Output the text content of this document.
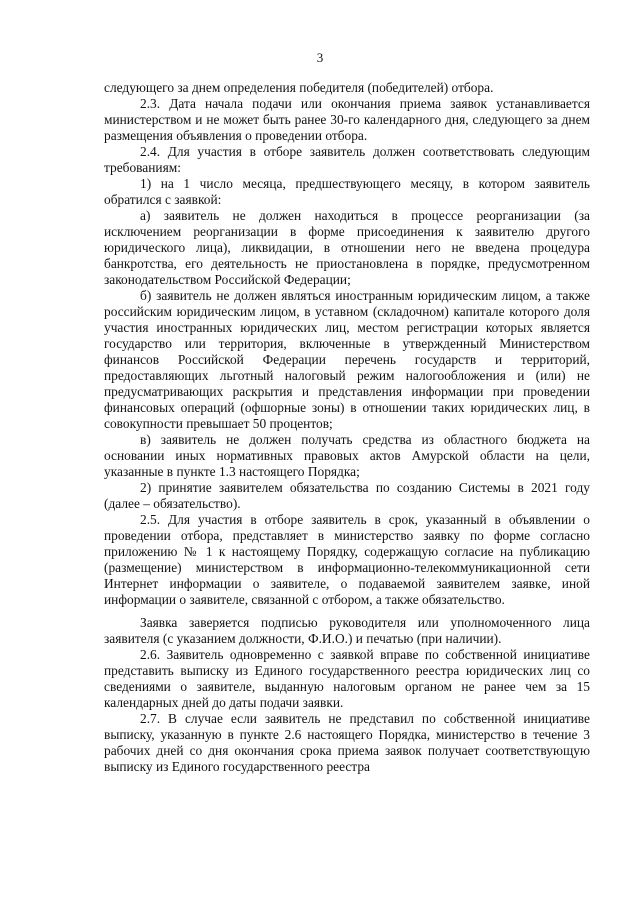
3

следующего за днем определения победителя (победителей) отбора.

2.3. Дата начала подачи или окончания приема заявок устанавливается министерством и не может быть ранее 30-го календарного дня, следующего за днем размещения объявления о проведении отбора.

2.4. Для участия в отборе заявитель должен соответствовать следующим требованиям:

1) на 1 число месяца, предшествующего месяцу, в котором заявитель обратился с заявкой:

а) заявитель не должен находиться в процессе реорганизации (за исключением реорганизации в форме присоединения к заявителю другого юридического лица), ликвидации, в отношении него не введена процедура банкротства, его деятельность не приостановлена в порядке, предусмотренном законодательством Российской Федерации;

б) заявитель не должен являться иностранным юридическим лицом, а также российским юридическим лицом, в уставном (складочном) капитале которого доля участия иностранных юридических лиц, местом регистрации которых является государство или территория, включенные в утвержденный Министерством финансов Российской Федерации перечень государств и территорий, предоставляющих льготный налоговый режим налогообложения и (или) не предусматривающих раскрытия и представления информации при проведении финансовых операций (офшорные зоны) в отношении таких юридических лиц, в совокупности превышает 50 процентов;

в) заявитель не должен получать средства из областного бюджета на основании иных нормативных правовых актов Амурской области на цели, указанные в пункте 1.3 настоящего Порядка;

2) принятие заявителем обязательства по созданию Системы в 2021 году (далее – обязательство).

2.5. Для участия в отборе заявитель в срок, указанный в объявлении о проведении отбора, представляет в министерство заявку по форме согласно приложению № 1 к настоящему Порядку, содержащую согласие на публикацию (размещение) министерством в информационно-телекоммуникационной сети Интернет информации о заявителе, о подаваемой заявителем заявке, иной информации о заявителе, связанной с отбором, а также обязательство.

Заявка заверяется подписью руководителя или уполномоченного лица заявителя (с указанием должности, Ф.И.О.) и печатью (при наличии).

2.6. Заявитель одновременно с заявкой вправе по собственной инициативе представить выписку из Единого государственного реестра юридических лиц со сведениями о заявителе, выданную налоговым органом не ранее чем за 15 календарных дней до даты подачи заявки.

2.7. В случае если заявитель не представил по собственной инициативе выписку, указанную в пункте 2.6 настоящего Порядка, министерство в течение 3 рабочих дней со дня окончания срока приема заявок получает соответствующую выписку из Единого государственного реестра
